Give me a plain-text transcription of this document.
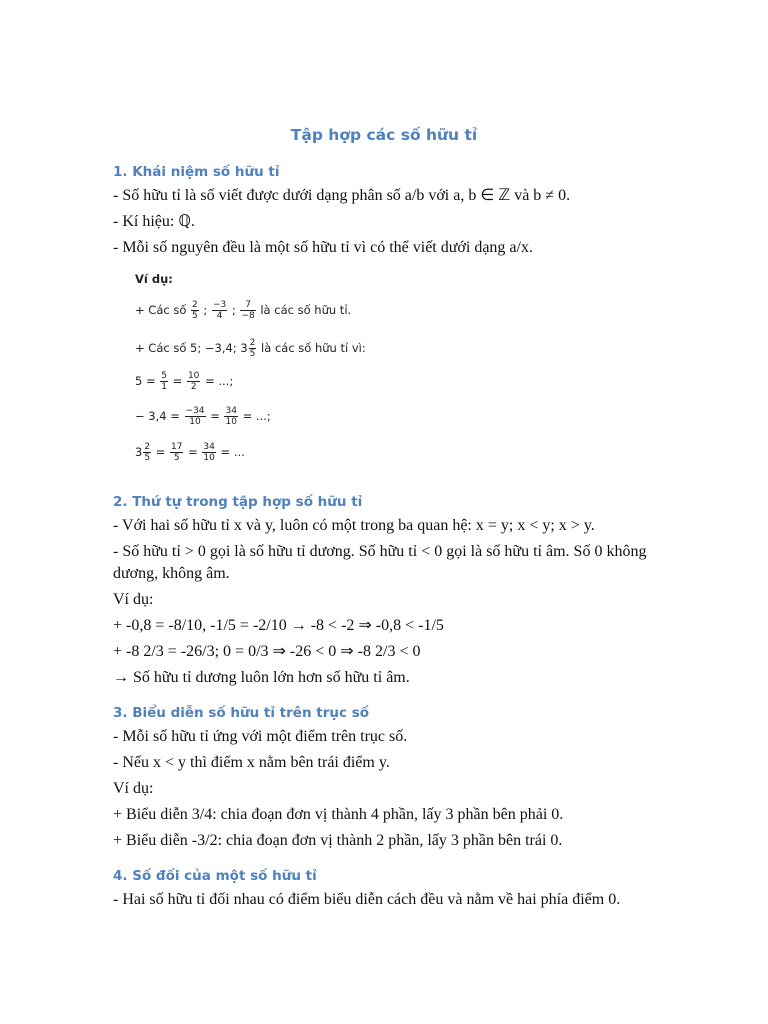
Tập hợp các số hữu tỉ
1. Khái niệm số hữu tỉ
- Số hữu tỉ là số viết được dưới dạng phân số a/b với a, b ∈ ℤ và b ≠ 0.
- Kí hiệu: ℚ.
- Mỗi số nguyên đều là một số hữu tỉ vì có thể viết dưới dạng a/x.
Ví dụ:
+ Các số $\frac{2}{5}$ ; $\frac{-3}{4}$ ; $\frac{7}{-8}$ là các số hữu tỉ.
+ Các số 5; −3,4; $3 \frac{2}{5}$ là các số hữu tỉ vì:
$5 = \frac{5}{1} = \frac{10}{2}$ = ...;
− $3,4 = \frac{-34}{10} = \frac{34}{10}$ = ...;
$3 \frac{2}{5} = \frac{17}{5} = \frac{34}{10}$ = ...
2. Thứ tự trong tập hợp số hữu tỉ
- Với hai số hữu tỉ x và y, luôn có một trong ba quan hệ: x = y; x < y; x > y.
- Số hữu tỉ > 0 gọi là số hữu tỉ dương. Số hữu tỉ < 0 gọi là số hữu tỉ âm. Số 0 không dương, không âm.
Ví dụ:
+ -0,8 = -8/10, -1/5 = -2/10 → -8 < -2 ⇒ -0,8 < -1/5
+ -8 2/3 = -26/3; 0 = 0/3 ⇒ -26 < 0 ⇒ -8 2/3 < 0
→ Số hữu tỉ dương luôn lớn hơn số hữu tỉ âm.
3. Biểu diễn số hữu tỉ trên trục số
- Mỗi số hữu tỉ ứng với một điểm trên trục số.
- Nếu x < y thì điểm x nằm bên trái điểm y.
Ví dụ:
+ Biểu diễn 3/4: chia đoạn đơn vị thành 4 phần, lấy 3 phần bên phải 0.
+ Biểu diễn -3/2: chia đoạn đơn vị thành 2 phần, lấy 3 phần bên trái 0.
4. Số đối của một số hữu tỉ
- Hai số hữu tỉ đối nhau có điểm biểu diễn cách đều và nằm về hai phía điểm 0.
